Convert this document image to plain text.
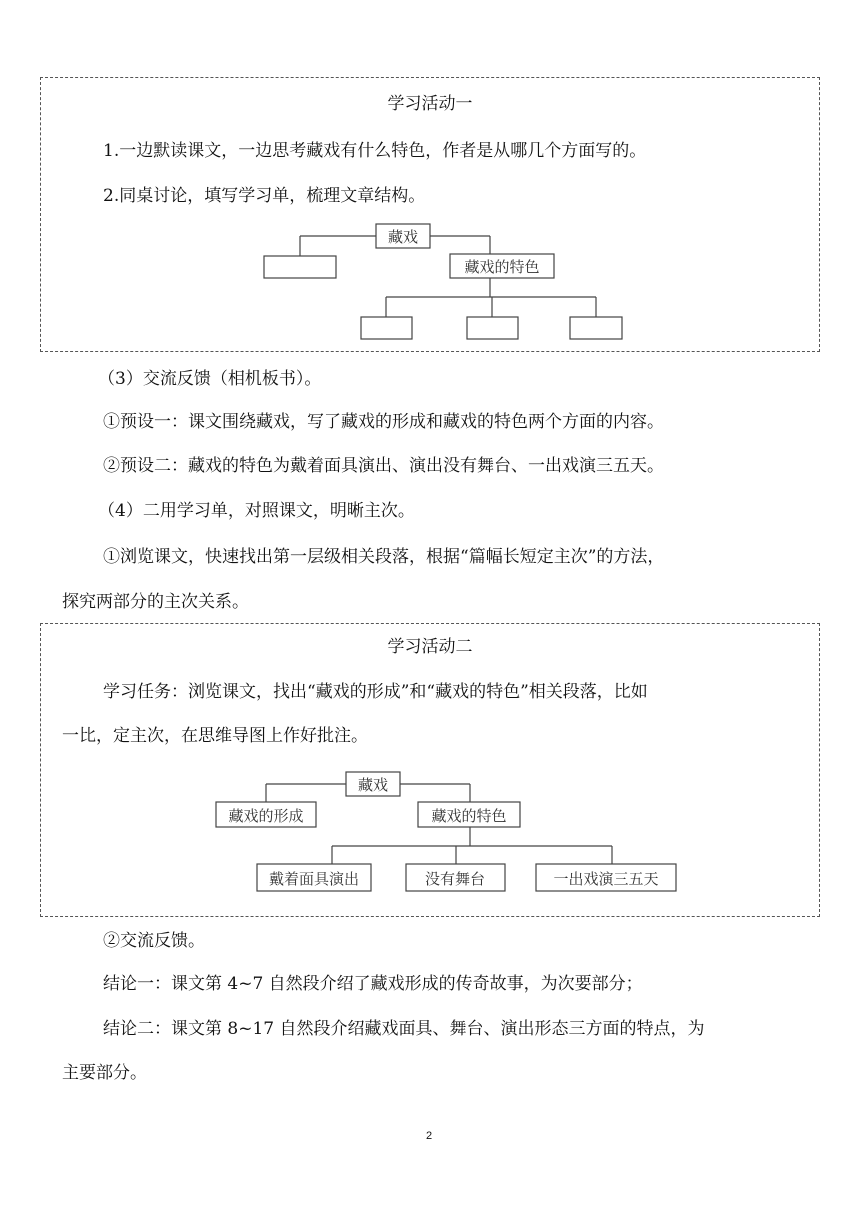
学习活动一
1.一边默读课文，一边思考藏戏有什么特色，作者是从哪几个方面写的。
2.同桌讨论，填写学习单，梳理文章结构。
藏戏
藏戏的特色
（3）交流反馈（相机板书）。
①预设一：课文围绕藏戏，写了藏戏的形成和藏戏的特色两个方面的内容。
②预设二：藏戏的特色为戴着面具演出、演出没有舞台、一出戏演三五天。
（4）二用学习单，对照课文，明晰主次。
①浏览课文，快速找出第一层级相关段落，根据“篇幅长短定主次”的方法，
探究两部分的主次关系。
学习活动二
学习任务：浏览课文，找出“藏戏的形成”和“藏戏的特色”相关段落，比如
一比，定主次，在思维导图上作好批注。
藏戏
藏戏的形成	藏戏的特色
戴着面具演出	没有舞台	一出戏演三五天
②交流反馈。
结论一：课文第 4~7 自然段介绍了藏戏形成的传奇故事，为次要部分；
结论二：课文第 8~17 自然段介绍藏戏面具、舞台、演出形态三方面的特点，为
主要部分。
2
